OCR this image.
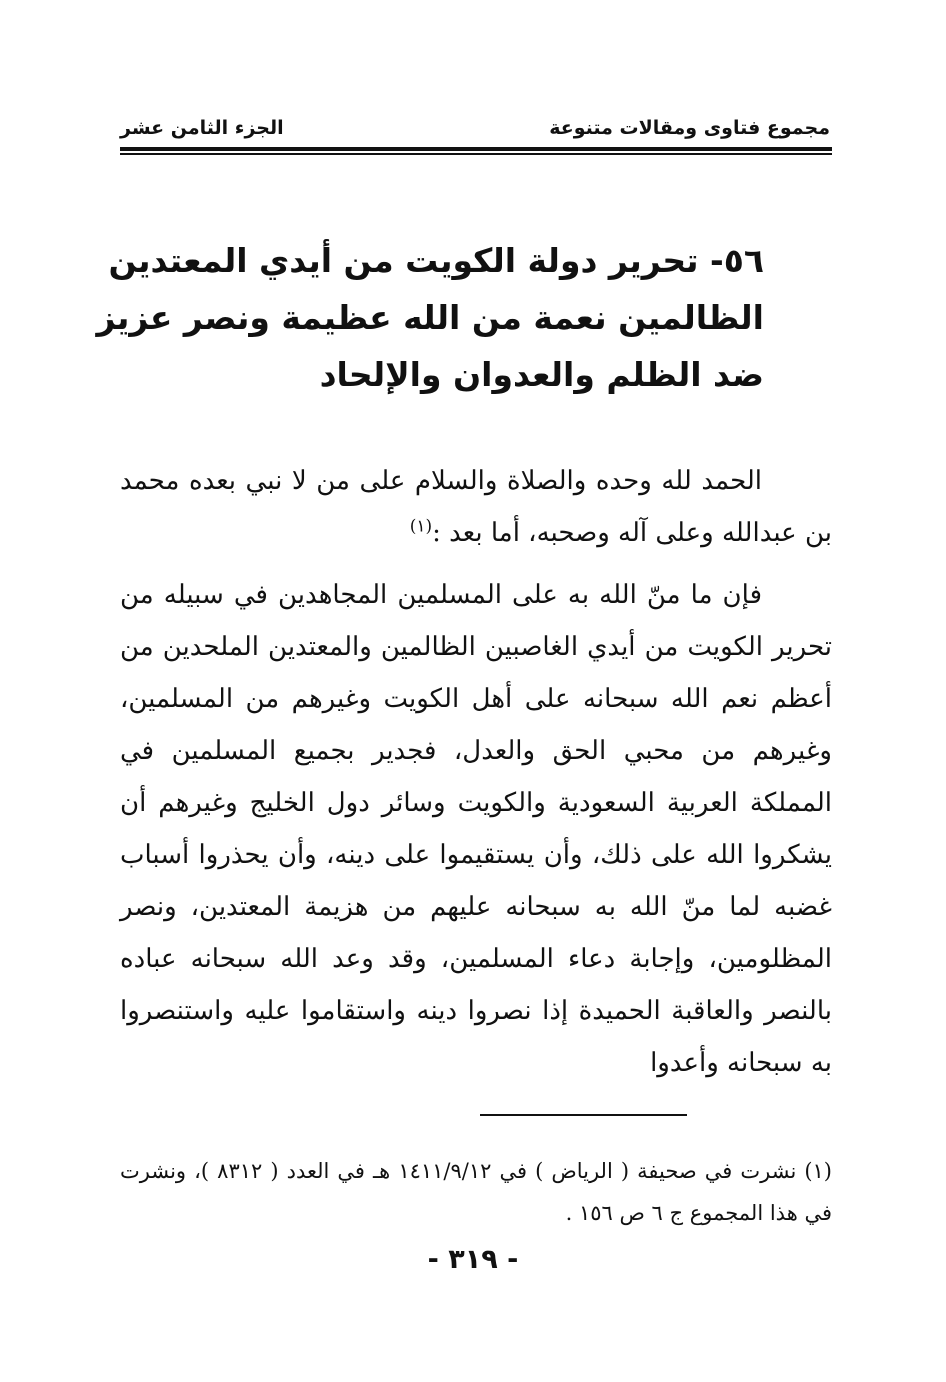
مجموع فتاوى ومقالات متنوعة
الجزء الثامن عشر
٥٦- تحرير دولة الكويت من أيدي المعتدين
الظالمين نعمة من الله عظيمة ونصر عزيز
ضد الظلم والعدوان والإلحاد

الحمد لله وحده والصلاة والسلام على من لا نبي بعده محمد بن عبدالله وعلى آله وصحبه، أما بعد :$^{(١)}$

فإن ما منّ الله به على المسلمين المجاهدين في سبيله من تحرير الكويت من أيدي الغاصبين الظالمين والمعتدين الملحدين من أعظم نعم الله سبحانه على أهل الكويت وغيرهم من المسلمين، وغيرهم من محبي الحق والعدل، فجدير بجميع المسلمين في المملكة العربية السعودية والكويت وسائر دول الخليج وغيرهم أن يشكروا الله على ذلك، وأن يستقيموا على دينه، وأن يحذروا أسباب غضبه لما منّ الله به سبحانه عليهم من هزيمة المعتدين، ونصر المظلومين، وإجابة دعاء المسلمين، وقد وعد الله سبحانه عباده بالنصر والعاقبة الحميدة إذا نصروا دينه واستقاموا عليه واستنصروا به سبحانه وأعدوا

(١)نشرت في صحيفة ( الرياض ) في ١٤١١/٩/١٢ هـ في العدد ( ٨٣١٢ )، ونشرت في هذا المجموع ج ٦ ص ١٥٦ .
- ٣١٩ -
